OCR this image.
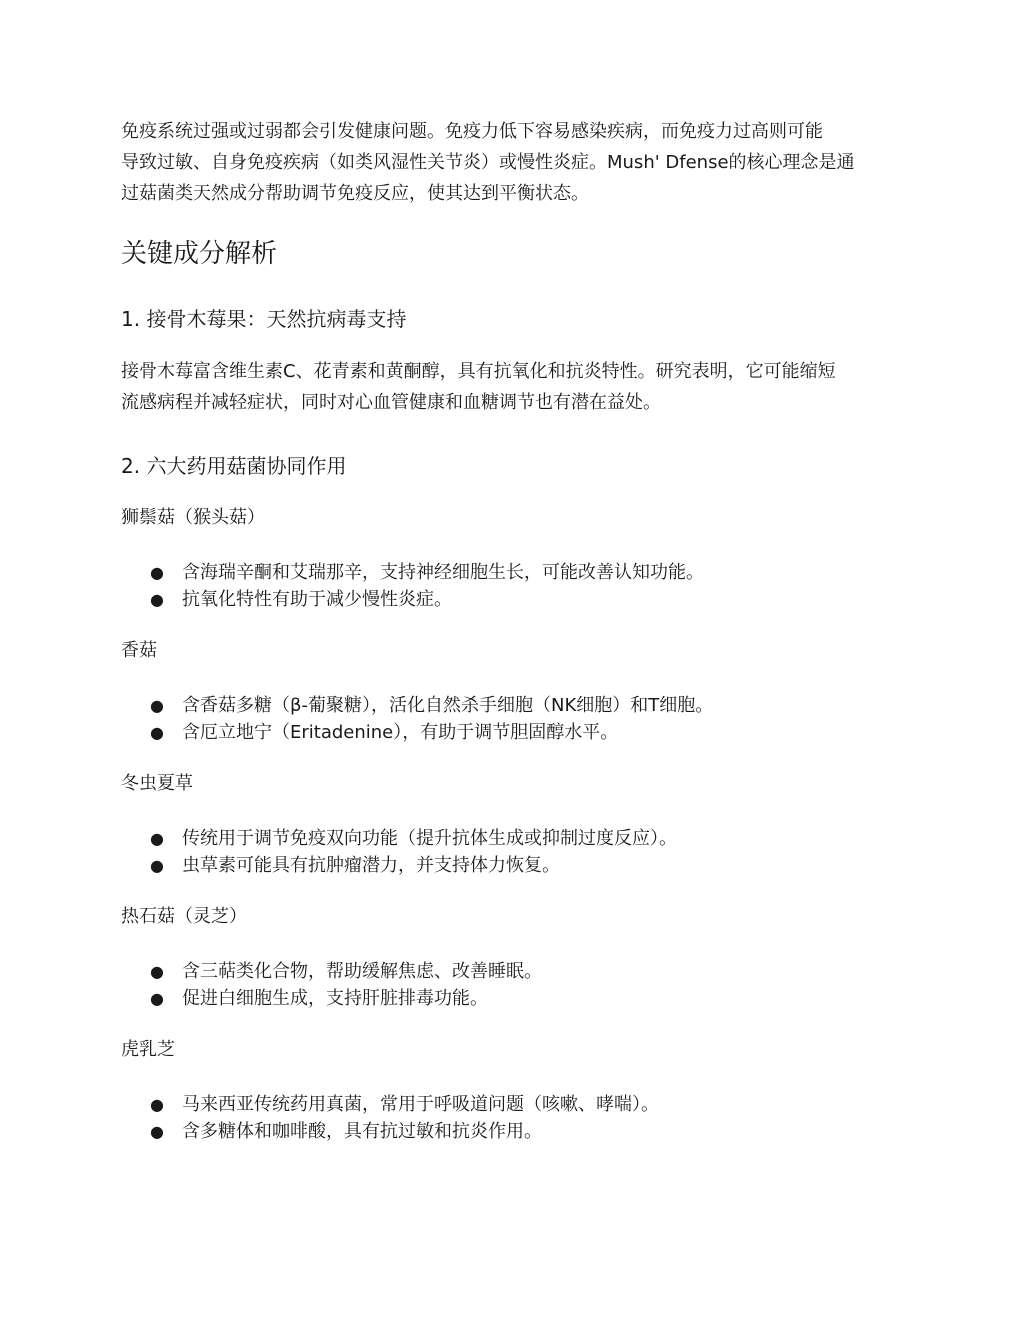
免疫系统过强或过弱都会引发健康问题。免疫力低下容易感染疾病，而免疫力过高则可能
导致过敏、自身免疫疾病（如类风湿性关节炎）或慢性炎症。Mush' Dfense的核心理念是通
过菇菌类天然成分帮助调节免疫反应，使其达到平衡状态。

关键成分解析
1. 接骨木莓果：天然抗病毒支持

接骨木莓富含维生素C、花青素和黄酮醇，具有抗氧化和抗炎特性。研究表明，它可能缩短
流感病程并减轻症状，同时对心血管健康和血糖调节也有潜在益处。

2. 六大药用菇菌协同作用
狮鬃菇（猴头菇）
● 含海瑞辛酮和艾瑞那辛，支持神经细胞生长，可能改善认知功能。
● 抗氧化特性有助于减少慢性炎症。
香菇
● 含香菇多糖（β-葡聚糖），活化自然杀手细胞（NK细胞）和T细胞。
● 含厄立地宁（Eritadenine），有助于调节胆固醇水平。
冬虫夏草
● 传统用于调节免疫双向功能（提升抗体生成或抑制过度反应）。
● 虫草素可能具有抗肿瘤潜力，并支持体力恢复。
热石菇（灵芝）
● 含三萜类化合物，帮助缓解焦虑、改善睡眠。
● 促进白细胞生成，支持肝脏排毒功能。
虎乳芝
● 马来西亚传统药用真菌，常用于呼吸道问题（咳嗽、哮喘）。
● 含多糖体和咖啡酸，具有抗过敏和抗炎作用。
